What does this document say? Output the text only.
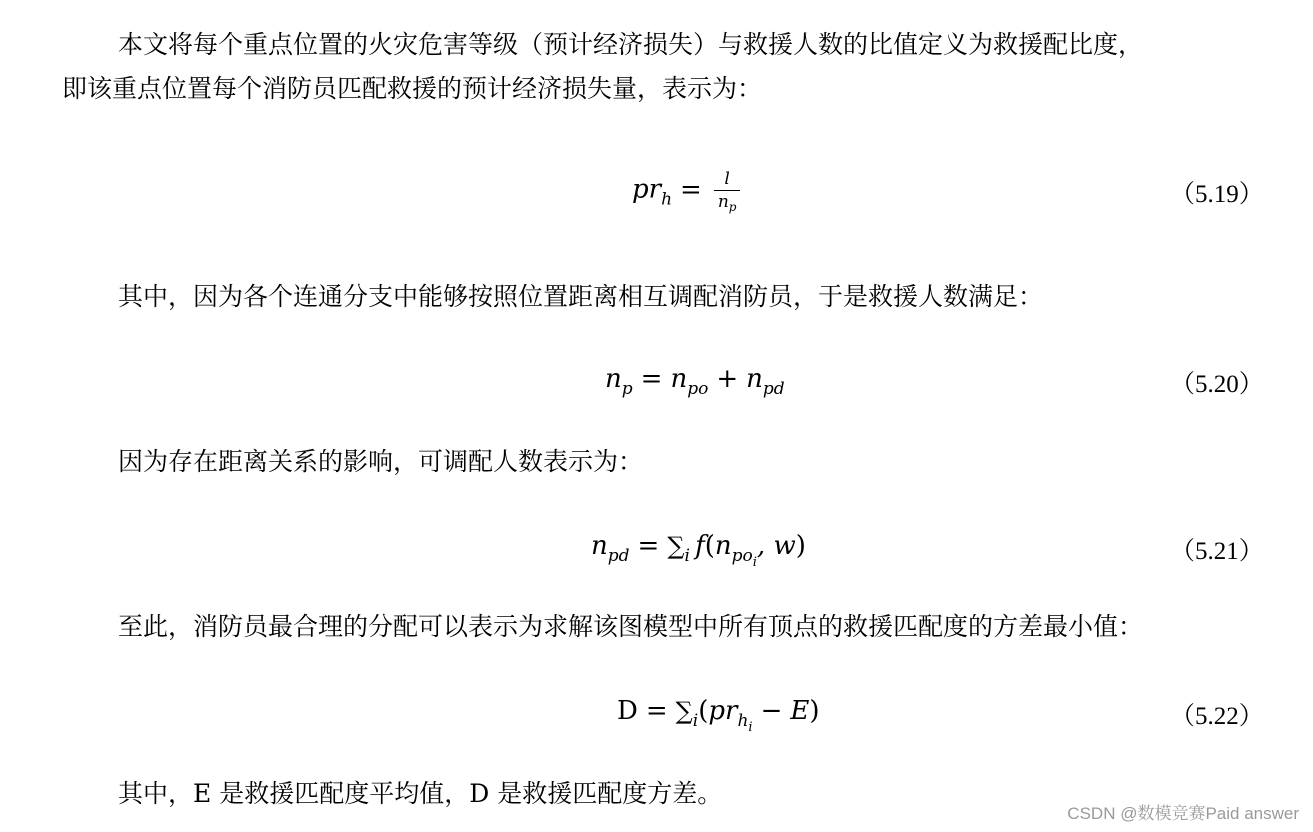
本文将每个重点位置的火灾危害等级（预计经济损失）与救援人数的比值定义为救援配比度，

即该重点位置每个消防员匹配救援的预计经济损失量，表示为：

$pr_h = \frac{l}{n_p}$	（5.19）

其中，因为各个连通分支中能够按照位置距离相互调配消防员，于是救援人数满足：

$n_p = n_{po} + n_{pd}$	（5.20）

因为存在距离关系的影响，可调配人数表示为：

$n_{pd} = \sum_i$  $f(n_{po_i}$, w)	（5.21）

至此，消防员最合理的分配可以表示为求解该图模型中所有顶点的救援匹配度的方差最小值：

$D = \sum_i(pr_{h_i}- E)$	（5.22）

其中，E 是救援匹配度平均值，D 是救援匹配度方差。

CSDN @数模竞赛Paid answer
